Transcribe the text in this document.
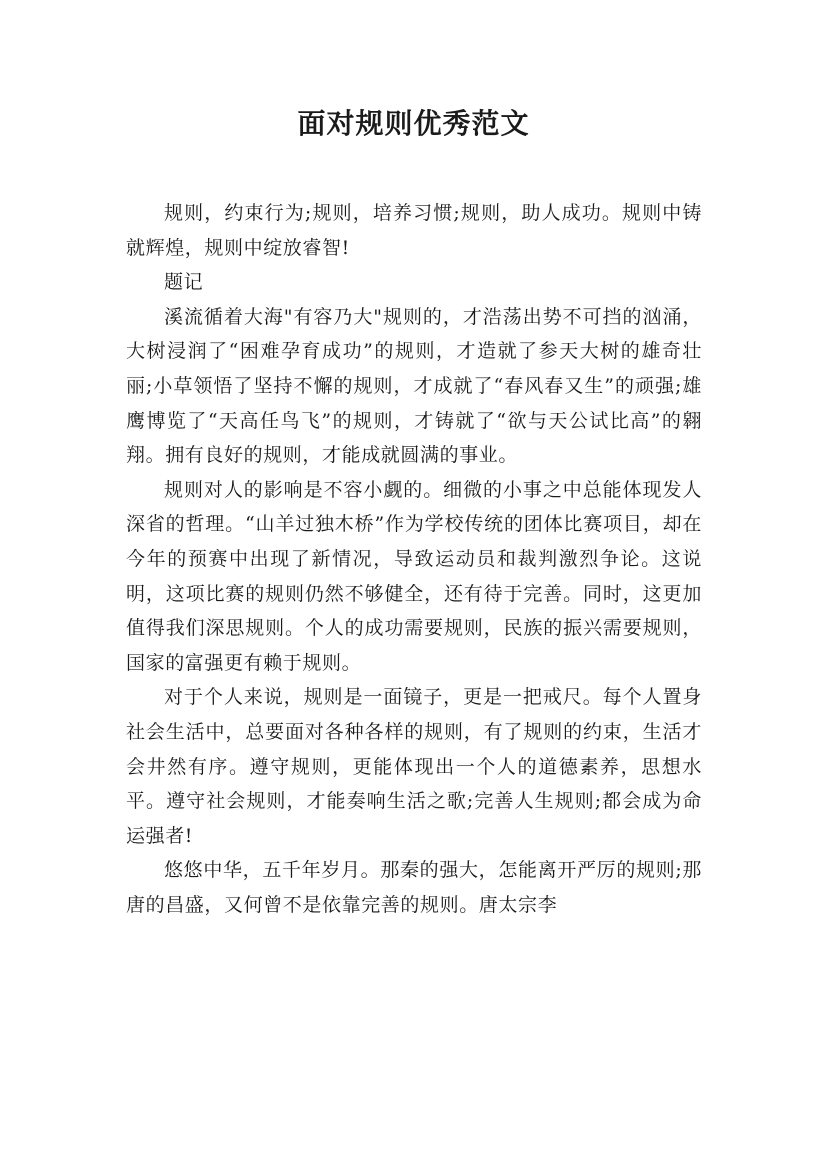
面对规则优秀范文

规则，约束行为;规则，培养习惯;规则，助人成功。规则中铸就辉煌，规则中绽放睿智!

题记

溪流循着大海"有容乃大"规则的，才浩荡出势不可挡的汹涌，大树浸润了“困难孕育成功”的规则，才造就了参天大树的雄奇壮丽;小草领悟了坚持不懈的规则，才成就了“春风春又生”的顽强;雄鹰博览了“天高任鸟飞”的规则，才铸就了“欲与天公试比高”的翱翔。拥有良好的规则，才能成就圆满的事业。

规则对人的影响是不容小觑的。细微的小事之中总能体现发人深省的哲理。“山羊过独木桥”作为学校传统的团体比赛项目，却在今年的预赛中出现了新情况，导致运动员和裁判激烈争论。这说明，这项比赛的规则仍然不够健全，还有待于完善。同时，这更加值得我们深思规则。个人的成功需要规则，民族的振兴需要规则，国家的富强更有赖于规则。

对于个人来说，规则是一面镜子，更是一把戒尺。每个人置身社会生活中，总要面对各种各样的规则，有了规则的约束，生活才会井然有序。遵守规则，更能体现出一个人的道德素养，思想水平。遵守社会规则，才能奏响生活之歌;完善人生规则;都会成为命运强者!

悠悠中华，五千年岁月。那秦的强大，怎能离开严厉的规则;那唐的昌盛，又何曾不是依靠完善的规则。唐太宗李
